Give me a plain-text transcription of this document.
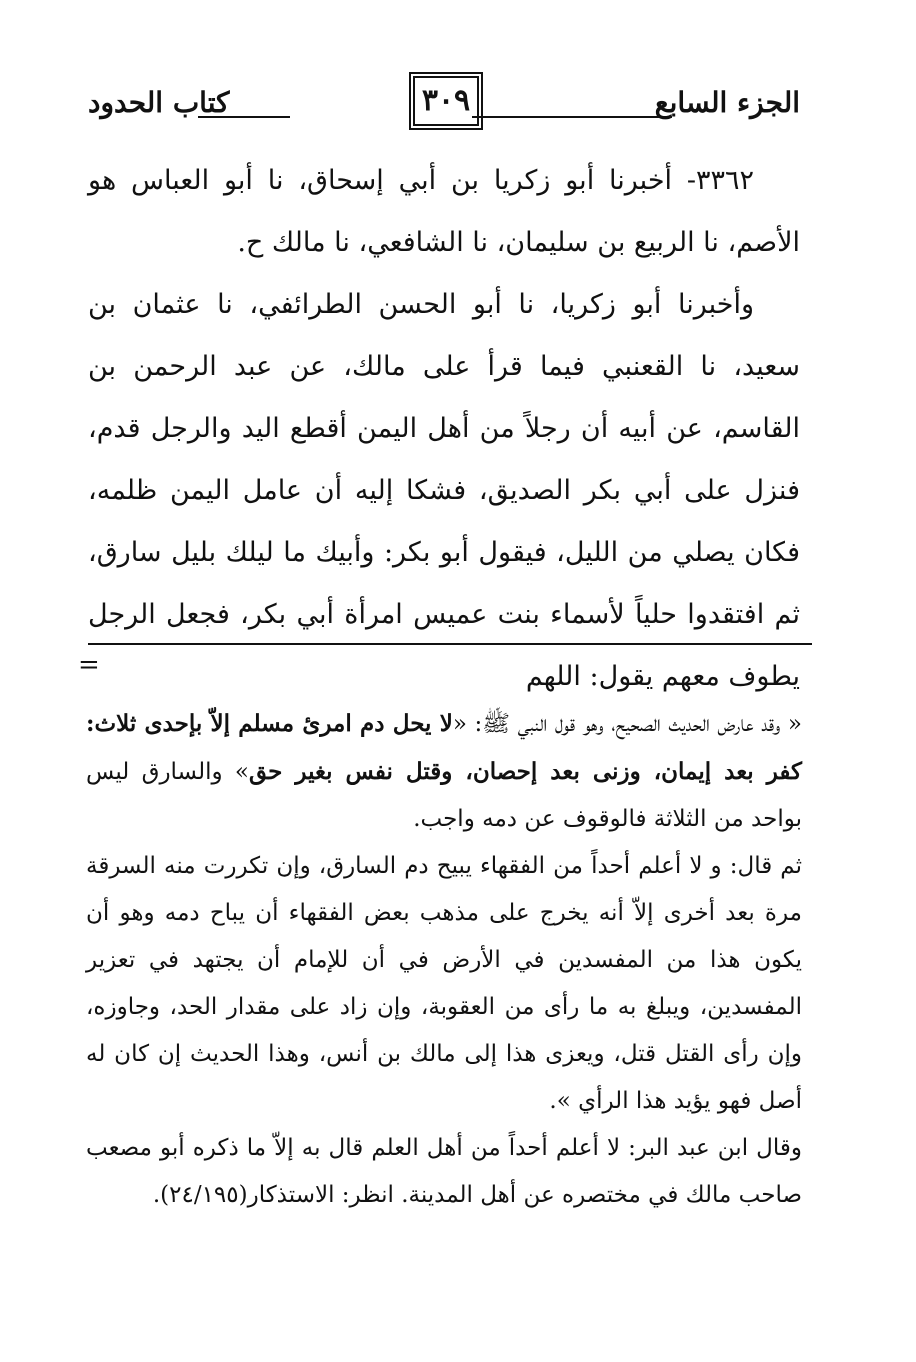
الجزء السابع
٣٠٩
كتاب الحدود

٣٣٦٢- أخبرنا أبو زكريا بن أبي إسحاق، نا أبو العباس هو الأصم، نا الربيع بن سليمان، نا الشافعي، نا مالك ح.

وأخبرنا أبو زكريا، نا أبو الحسن الطرائفي، نا عثمان بن سعيد، نا القعنبي فيما قرأ على مالك، عن عبد الرحمن بن القاسم، عن أبيه أن رجلاً من أهل اليمن أقطع اليد والرجل قدم، فنزل على أبي بكر الصديق، فشكا إليه أن عامل اليمن ظلمه، فكان يصلي من الليل، فيقول أبو بكر: وأبيك ما ليلك بليل سارق، ثم افتقدوا حلياً لأسماء بنت عميس امرأة أبي بكر، فجعل الرجل يطوف معهم يقول: اللهم

=

« وقد عارض الحديث الصحيح، وهو قول النبي ﷺ: «لا يحل دم امرئ مسلم إلاّ بإحدى ثلاث: كفر بعد إيمان، وزنى بعد إحصان، وقتل نفس بغير حق» والسارق ليس بواحد من الثلاثة فالوقوف عن دمه واجب.

ثم قال: و لا أعلم أحداً من الفقهاء يبيح دم السارق، وإن تكررت منه السرقة مرة بعد أخرى إلاّ أنه يخرج على مذهب بعض الفقهاء أن يباح دمه وهو أن يكون هذا من المفسدين في الأرض في أن للإمام أن يجتهد في تعزير المفسدين، ويبلغ به ما رأى من العقوبة، وإن زاد على مقدار الحد، وجاوزه، وإن رأى القتل قتل، ويعزى هذا إلى مالك بن أنس، وهذا الحديث إن كان له أصل فهو يؤيد هذا الرأي ».

وقال ابن عبد البر: لا أعلم أحداً من أهل العلم قال به إلاّ ما ذكره أبو مصعب صاحب مالك في مختصره عن أهل المدينة. انظر: الاستذكار(٢٤/١٩٥).
